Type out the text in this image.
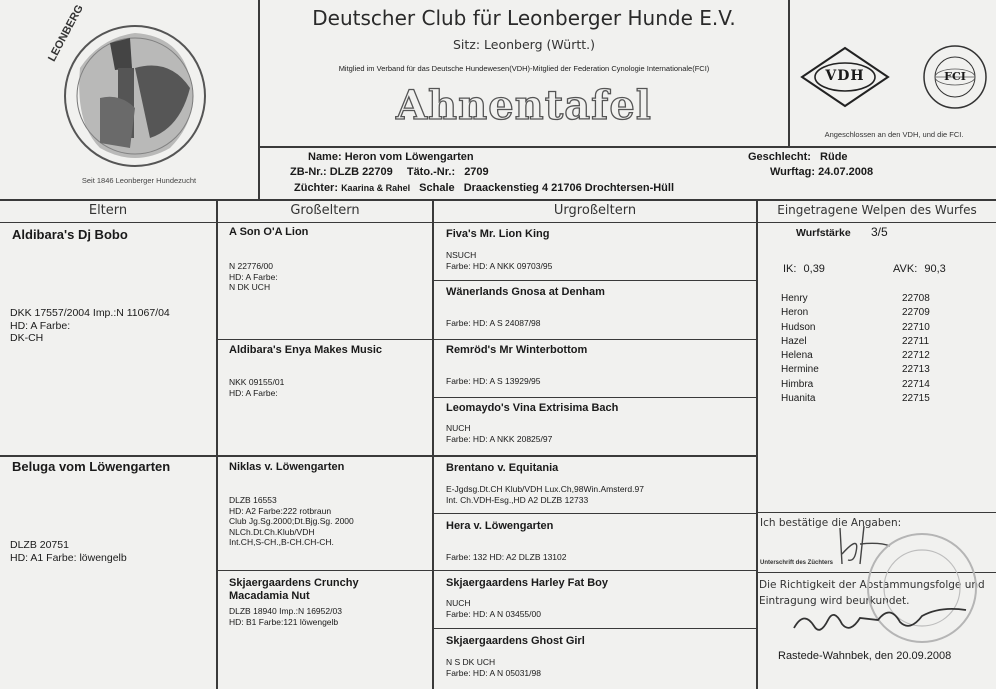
LEONBERG
Seit 1846 Leonberger Hundezucht
Deutscher Club für Leonberger Hunde E.V.
Sitz: Leonberg (Württ.)
Mitglied im Verband für das Deutsche Hundewesen(VDH)-Mitglied der Federation Cynologie Internationale(FCI)
Ahnentafel
VDH	FCI
Angeschlossen an den VDH, und die FCI.
Name: Heron vom Löwengarten
ZB-Nr.: DLZB 22709 Täto.-Nr.: 2709
Züchter: Kaarina & Rahel Schale Draackenstieg 4 21706 Drochtersen-Hüll
Geschlecht: Rüde
Wurftag: 24.07.2008
Eltern	Großeltern	Urgroßeltern	Eingetragene Welpen des Wurfes
Aldibara's Dj Bobo
DKK 17557/2004 Imp.:N 11067/04
HD: A Farbe:
DK-CH
Beluga vom Löwengarten
DLZB 20751
HD: A1 Farbe: löwengelb
A Son O'A Lion
N 22776/00
HD: A Farbe:
N DK UCH
Aldibara's Enya Makes Music
NKK 09155/01
HD: A Farbe:
Niklas v. Löwengarten
DLZB 16553
HD: A2 Farbe:222 rotbraun
Club Jg.Sg.2000;Dt.Bjg.Sg. 2000
NLCh.Dt.Ch.Klub/VDH
Int.CH,S-CH.,B-CH.CH-CH.
Skjaergaardens Crunchy Macadamia Nut
DLZB 18940 Imp.:N 16952/03
HD: B1 Farbe:121 löwengelb
Fiva's Mr. Lion King
NSUCH
Farbe: HD: A NKK 09703/95
Wänerlands Gnosa at Denham
Farbe: HD: A S 24087/98
Remröd's Mr Winterbottom
Farbe: HD: A S 13929/95
Leomaydo's Vina Extrisima Bach
NUCH
Farbe: HD: A NKK 20825/97
Brentano v. Equitania
E-Jgdsg.Dt.CH Klub/VDH Lux.Ch,98Win.Amsterd.97
Int. Ch.VDH-Esg.,HD A2 DLZB 12733
Hera v. Löwengarten
Farbe: 132 HD: A2 DLZB 13102
Skjaergaardens Harley Fat Boy
NUCH
Farbe: HD: A N 03455/00
Skjaergaardens Ghost Girl
N S DK UCH
Farbe: HD: A N 05031/98
Wurfstärke 3/5
IK: 0,39	AVK: 90,3
Henry	22708
Heron	22709
Hudson	22710
Hazel	22711
Helena	22712
Hermine	22713
Himbra	22714
Huanita	22715
Ich bestätige die Angaben:
Unterschrift des Züchters
Die Richtigkeit der Abstammungsfolge und Eintragung wird beurkundet.
Rastede-Wahnbek, den 20.09.2008
